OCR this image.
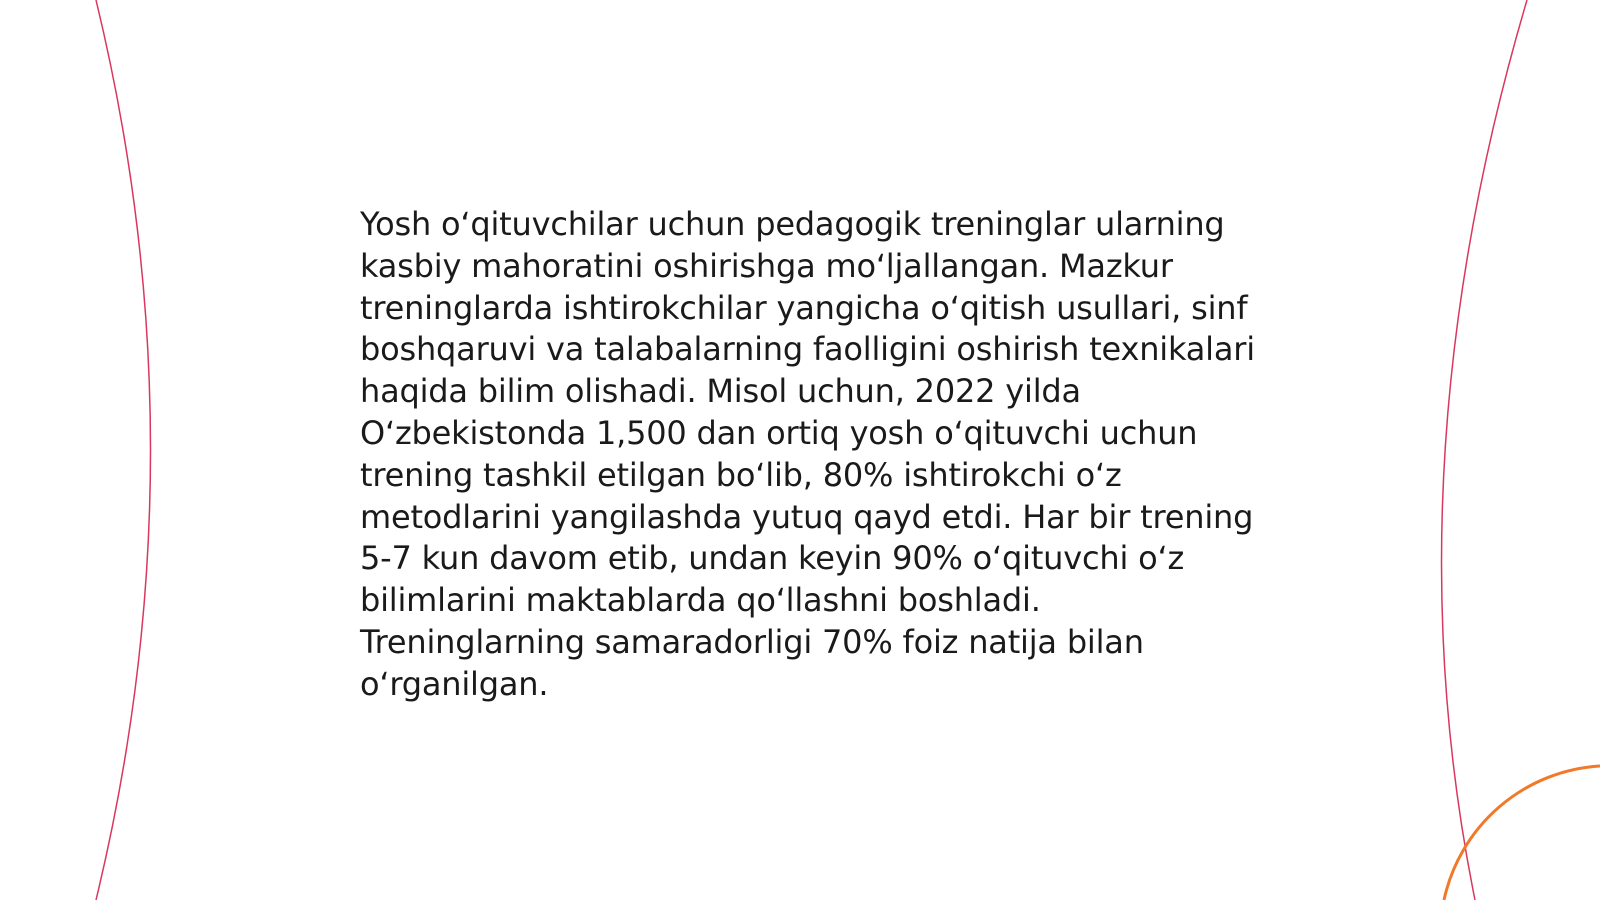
Yosh oʻqituvchilar uchun pedagogik treninglar ularning kasbiy mahoratini oshirishga moʻljallangan. Mazkur treninglarda ishtirokchilar yangicha oʻqitish usullari, sinf boshqaruvi va talabalarning faolligini oshirish texnikalari haqida bilim olishadi. Misol uchun, 2022 yilda Oʻzbekistonda 1,500 dan ortiq yosh oʻqituvchi uchun trening tashkil etilgan boʻlib, 80% ishtirokchi oʻz metodlarini yangilashda yutuq qayd etdi. Har bir trening 5-7 kun davom etib, undan keyin 90% oʻqituvchi oʻz bilimlarini maktablarda qoʻllashni boshladi. Treninglarning samaradorligi 70% foiz natija bilan oʻrganilgan.
